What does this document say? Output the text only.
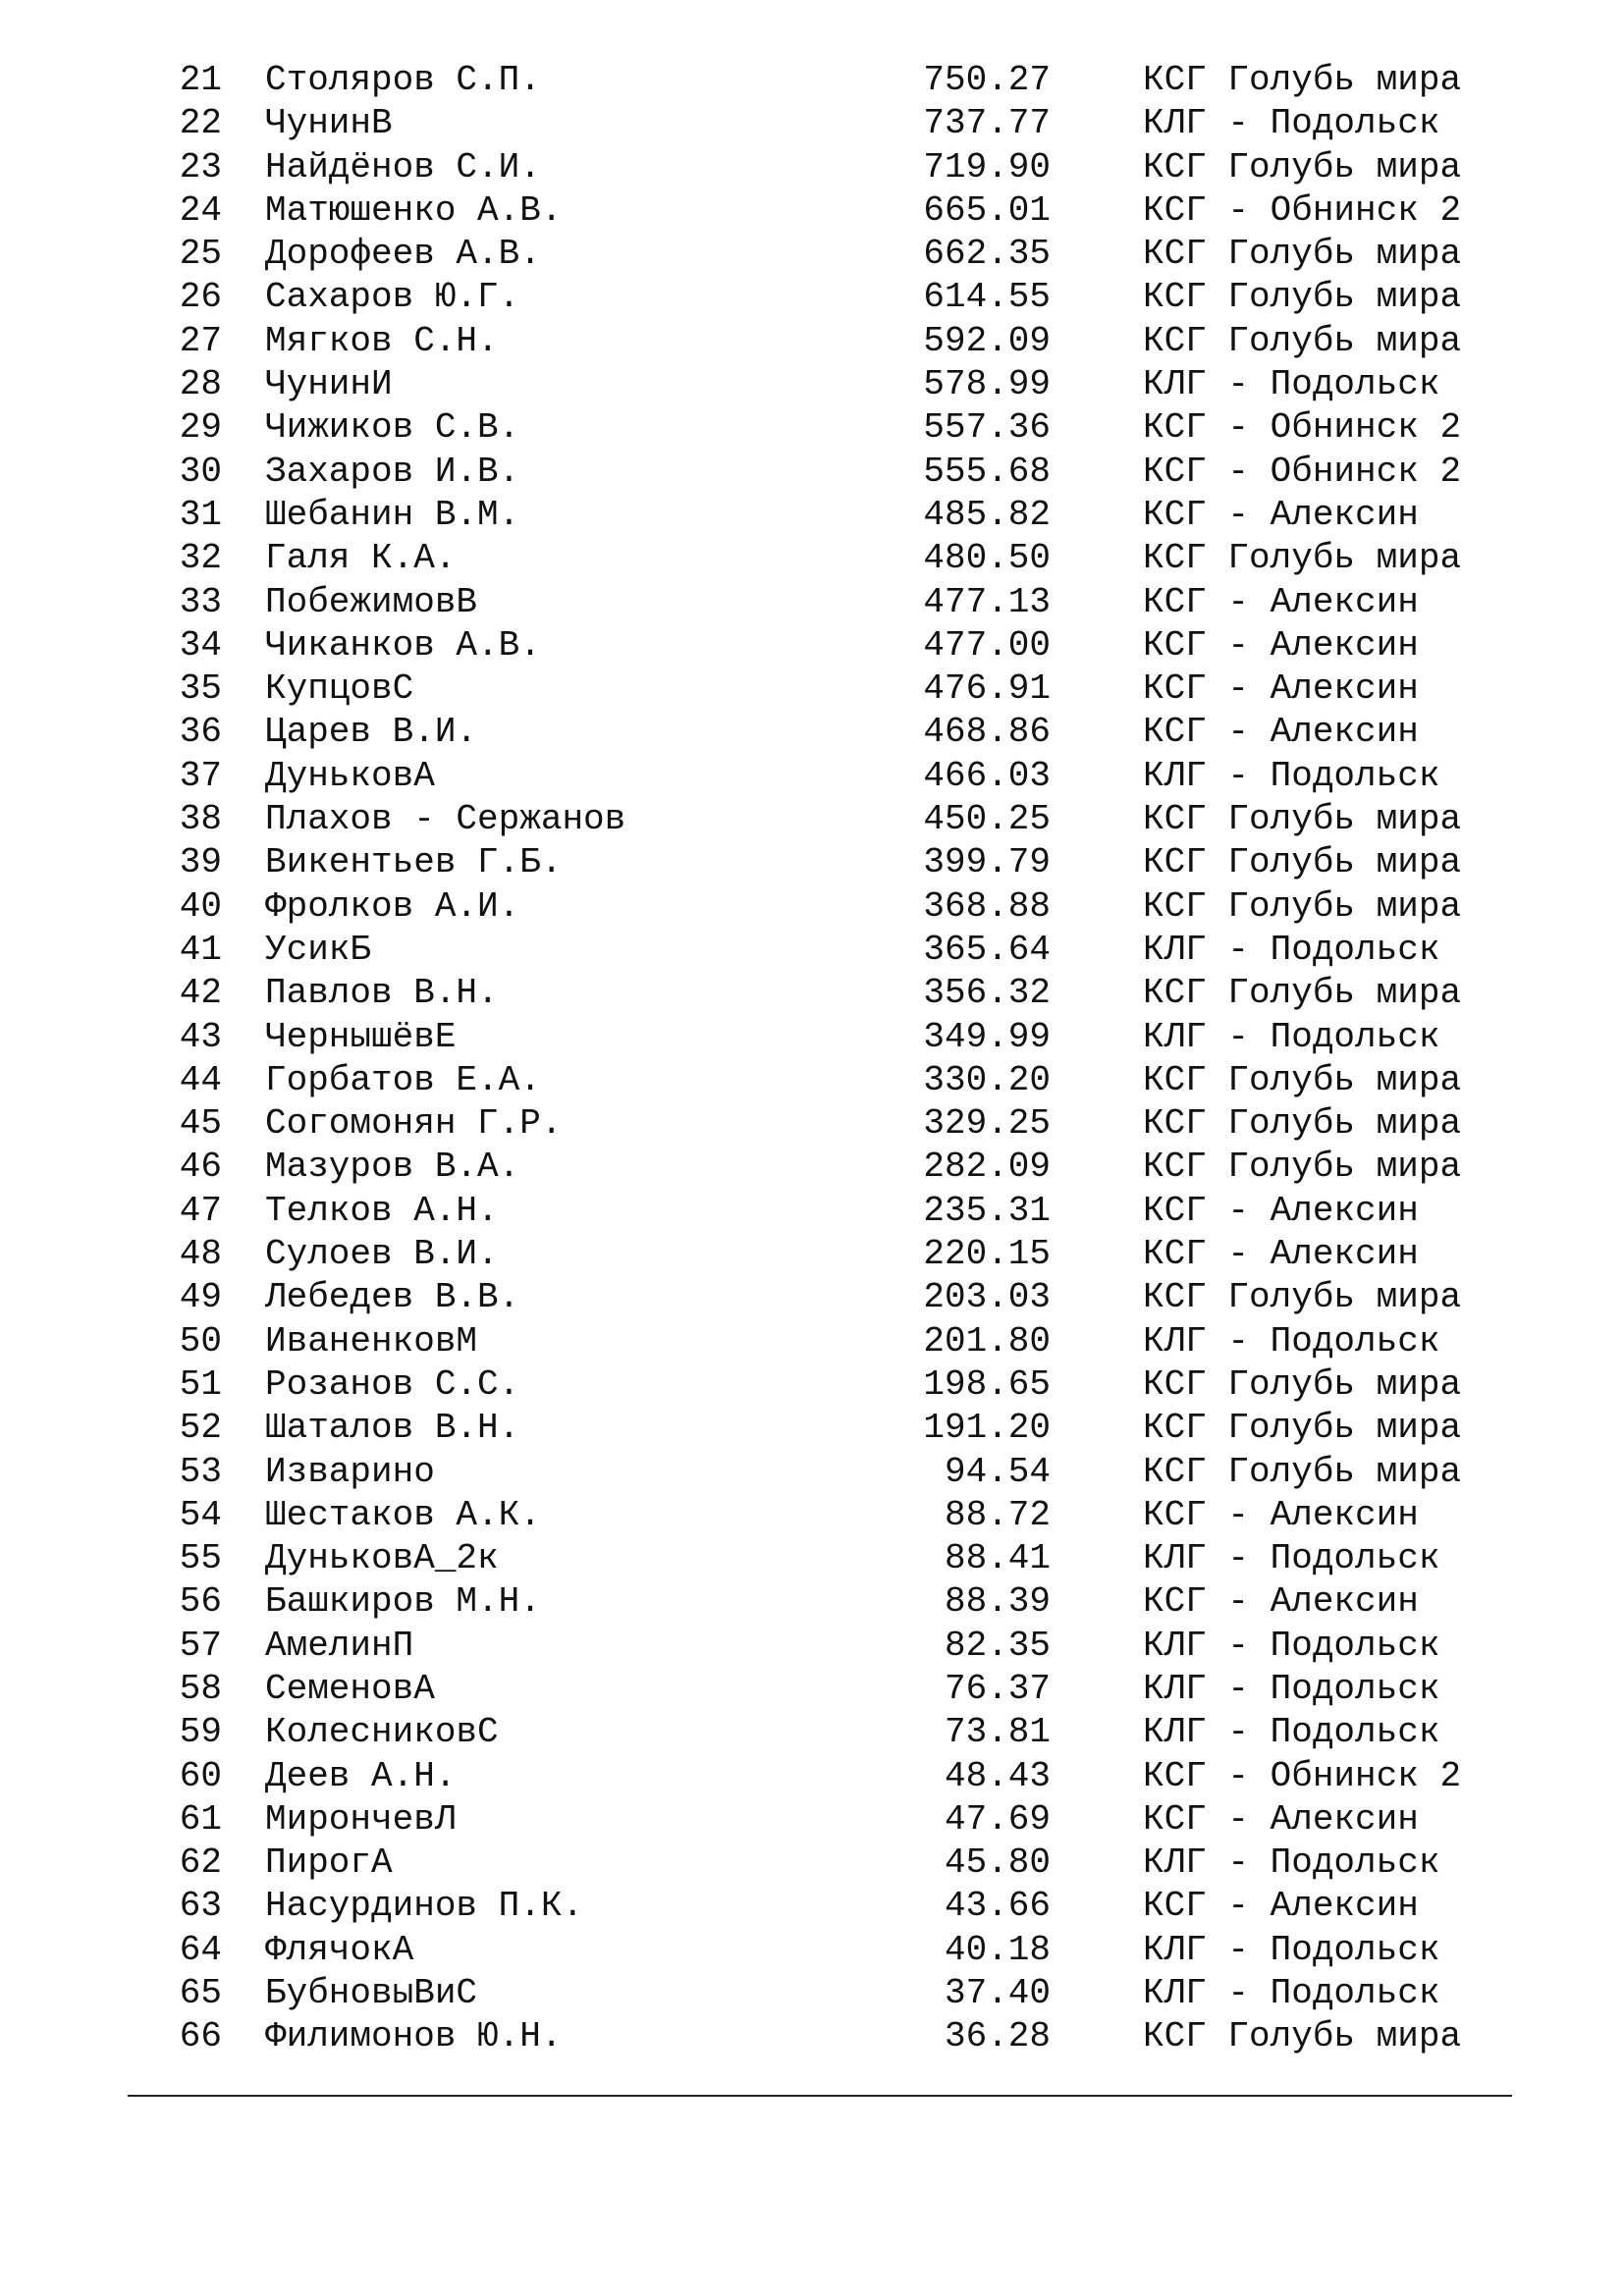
21 Столяров С.П.	750.27	КСГ Голубь мира
22 ЧунинВ	737.77	КЛГ - Подольск
23 Найдёнов С.И.	719.90	КСГ Голубь мира
24 Матюшенко А.В.	665.01	КСГ - Обнинск 2
25 Дорофеев А.В.	662.35	КСГ Голубь мира
26 Сахаров Ю.Г.	614.55	КСГ Голубь мира
27 Мягков С.Н.	592.09	КСГ Голубь мира
28 ЧунинИ	578.99	КЛГ - Подольск
29 Чижиков С.В.	557.36	КСГ - Обнинск 2
30 Захаров И.В.	555.68	КСГ - Обнинск 2
31 Шебанин В.М.	485.82	КСГ - Алексин
32 Галя К.А.	480.50	КСГ Голубь мира
33 ПобежимовВ	477.13	КСГ - Алексин
34 Чиканков А.В.	477.00	КСГ - Алексин
35 КупцовС	476.91	КСГ - Алексин
36 Царев В.И.	468.86	КСГ - Алексин
37 ДуньковА	466.03	КЛГ - Подольск
38 Плахов - Сержанов	450.25	КСГ Голубь мира
39 Викентьев Г.Б.	399.79	КСГ Голубь мира
40 Фролков А.И.	368.88	КСГ Голубь мира
41 УсикБ	365.64	КЛГ - Подольск
42 Павлов В.Н.	356.32	КСГ Голубь мира
43 ЧернышёвЕ	349.99	КЛГ - Подольск
44 Горбатов Е.А.	330.20	КСГ Голубь мира
45 Согомонян Г.Р.	329.25	КСГ Голубь мира
46 Мазуров В.А.	282.09	КСГ Голубь мира
47 Телков А.Н.	235.31	КСГ - Алексин
48 Сулоев В.И.	220.15	КСГ - Алексин
49 Лебедев В.В.	203.03	КСГ Голубь мира
50 ИваненковМ	201.80	КЛГ - Подольск
51 Розанов С.С.	198.65	КСГ Голубь мира
52 Шаталов В.Н.	191.20	КСГ Голубь мира
53 Изварино	94.54	КСГ Голубь мира
54 Шестаков А.К.	88.72	КСГ - Алексин
55 ДуньковА_2к	88.41	КЛГ - Подольск
56 Башкиров М.Н.	88.39	КСГ - Алексин
57 АмелинП	82.35	КЛГ - Подольск
58 СеменовА	76.37	КЛГ - Подольск
59 КолесниковС	73.81	КЛГ - Подольск
60 Деев А.Н.	48.43	КСГ - Обнинск 2
61 МирончевЛ	47.69	КСГ - Алексин
62 ПирогА	45.80	КЛГ - Подольск
63 Насурдинов П.К.	43.66	КСГ - Алексин
64 ФлячокА	40.18	КЛГ - Подольск
65 БубновыВиС	37.40	КЛГ - Подольск
66 Филимонов Ю.Н.	36.28	КСГ Голубь мира
